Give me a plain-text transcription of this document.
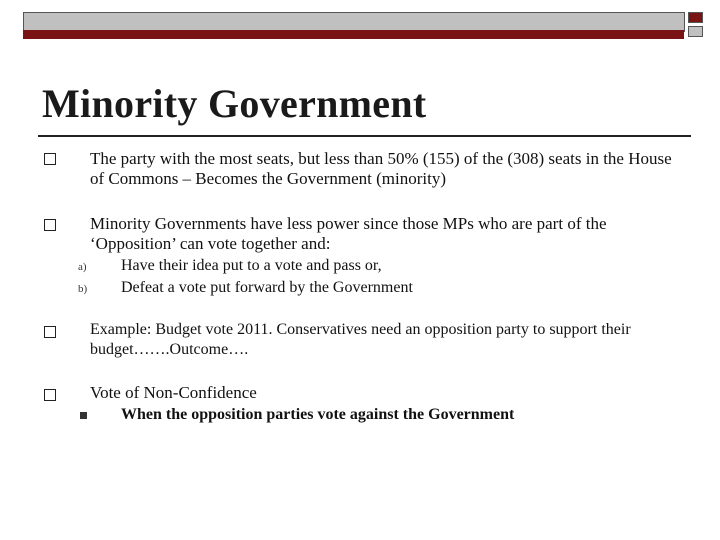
Minority Government
The party with the most seats, but less than 50% (155) of the (308) seats in the House of Commons – Becomes the Government (minority)
Minority Governments have less power since those MPs who are part of the ‘Opposition’ can vote together and:
a) Have their idea put to a vote and pass or,
b) Defeat a vote put forward by the Government
Example: Budget vote 2011. Conservatives need an opposition party to support their budget…….Outcome….
Vote of Non-Confidence
When the opposition parties vote against the Government
